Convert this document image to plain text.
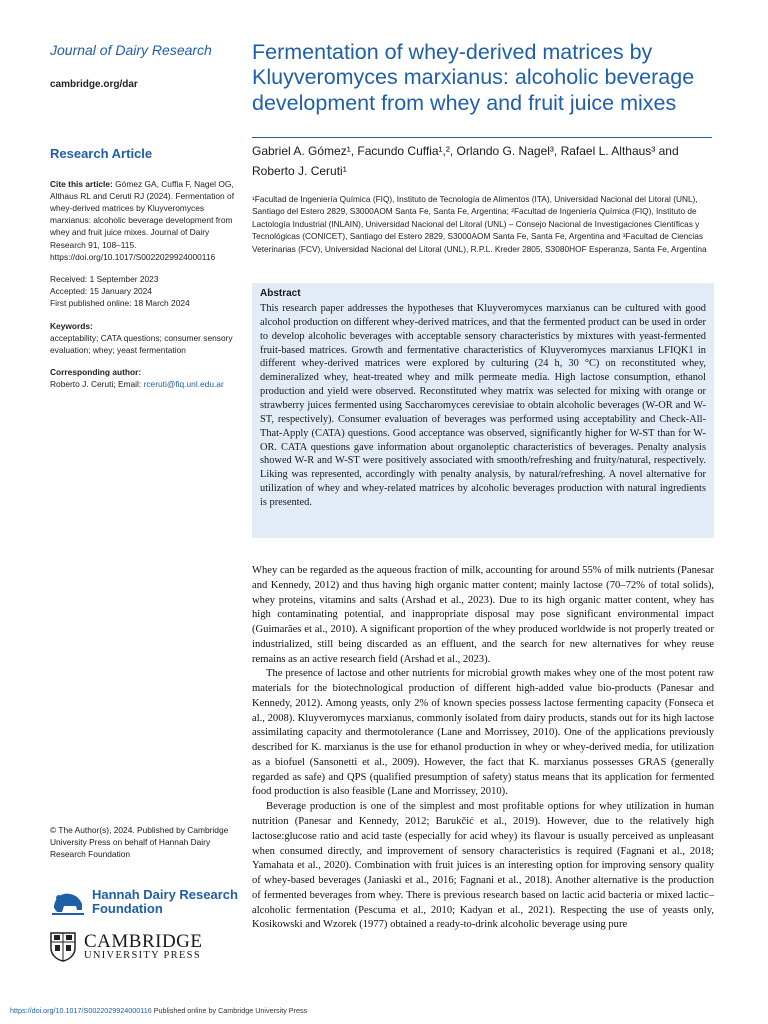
Journal of Dairy Research
cambridge.org/dar
Research Article
Cite this article: Gómez GA, Cuffia F, Nagel OG, Althaus RL and Ceruti RJ (2024). Fermentation of whey-derived matrices by Kluyveromyces marxianus: alcoholic beverage development from whey and fruit juice mixes. Journal of Dairy Research 91, 108–115. https://doi.org/10.1017/S0022029924000116
Received: 1 September 2023
Accepted: 15 January 2024
First published online: 18 March 2024
Keywords:
acceptability; CATA questions; consumer sensory evaluation; whey; yeast fermentation
Corresponding author:
Roberto J. Ceruti; Email: rceruti@fiq.unl.edu.ar
© The Author(s), 2024. Published by Cambridge University Press on behalf of Hannah Dairy Research Foundation
Hannah Dairy Research
Foundation
CAMBRIDGE
UNIVERSITY PRESS
Fermentation of whey-derived matrices by Kluyveromyces marxianus: alcoholic beverage development from whey and fruit juice mixes
Gabriel A. Gómez¹, Facundo Cuffia¹,², Orlando G. Nagel³, Rafael L. Althaus³ and Roberto J. Ceruti¹
¹Facultad de Ingeniería Química (FIQ), Instituto de Tecnología de Alimentos (ITA), Universidad Nacional del Litoral (UNL), Santiago del Estero 2829, S3000AOM Santa Fe, Santa Fe, Argentina; ²Facultad de Ingeniería Química (FIQ), Instituto de Lactología Industrial (INLAIN), Universidad Nacional del Litoral (UNL) – Consejo Nacional de Investigaciones Científicas y Tecnológicas (CONICET), Santiago del Estero 2829, S3000AOM Santa Fe, Santa Fe, Argentina and ³Facultad de Ciencias Veterinarias (FCV), Universidad Nacional del Litoral (UNL), R.P.L. Kreder 2805, S3080HOF Esperanza, Santa Fe, Argentina
Abstract
This research paper addresses the hypotheses that Kluyveromyces marxianus can be cultured with good alcohol production on different whey-derived matrices, and that the fermented product can be used in order to develop alcoholic beverages with acceptable sensory characteristics by mixtures with yeast-fermented fruit-based matrices. Growth and fermentative characteristics of Kluyveromyces marxianus LFIQK1 in different whey-derived matrices were explored by culturing (24 h, 30 °C) on reconstituted whey, demineralized whey, heat-treated whey and milk permeate media. High lactose consumption, ethanol production and yield were observed. Reconstituted whey matrix was selected for mixing with orange or strawberry juices fermented using Saccharomyces cerevisiae to obtain alcoholic beverages (W-OR and W-ST, respectively). Consumer evaluation of beverages was performed using acceptability and Check-All-That-Apply (CATA) questions. Good acceptance was observed, significantly higher for W-ST than for W-OR. CATA questions gave information about organoleptic characteristics of beverages. Penalty analysis showed W-R and W-ST were positively associated with smooth/refreshing and fruity/natural, respectively. Liking was represented, accordingly with penalty analysis, by natural/refreshing. A novel alternative for utilization of whey and whey-related matrices by alcoholic beverages production with natural ingredients is presented.

Whey can be regarded as the aqueous fraction of milk, accounting for around 55% of milk nutrients (Panesar and Kennedy, 2012) and thus having high organic matter content; mainly lactose (70–72% of total solids), whey proteins, vitamins and salts (Arshad et al., 2023). Due to its high organic matter content, whey has high contaminating potential, and inappropriate disposal may pose significant environmental impact (Guimarães et al., 2010). A significant proportion of the whey produced worldwide is not properly treated or industrialized, still being discarded as an effluent, and the search for new alternatives for whey reuse remains as an active research field (Arshad et al., 2023).

The presence of lactose and other nutrients for microbial growth makes whey one of the most potent raw materials for the biotechnological production of different high-added value bio-products (Panesar and Kennedy, 2012). Among yeasts, only 2% of known species possess lactose fermenting capacity (Fonseca et al., 2008). Kluyveromyces marxianus, commonly isolated from dairy products, stands out for its high lactose assimilating capacity and thermotolerance (Lane and Morrissey, 2010). One of the applications previously described for K. marxianus is the use for ethanol production in whey or whey-derived media, for utilization as a biofuel (Sansonetti et al., 2009). However, the fact that K. marxianus possesses GRAS (generally regarded as safe) and QPS (qualified presumption of safety) status means that its application for fermented food production is also feasible (Lane and Morrissey, 2010).

Beverage production is one of the simplest and most profitable options for whey utilization in human nutrition (Panesar and Kennedy, 2012; Barukčić et al., 2019). However, due to the relatively high lactose:glucose ratio and acid taste (especially for acid whey) its flavour is usually perceived as unpleasant when consumed directly, and improvement of sensory characteristics is required (Fagnani et al., 2018; Yamahata et al., 2020). Combination with fruit juices is an interesting option for improving sensory quality of whey-based beverages (Janiaski et al., 2016; Fagnani et al., 2018). Another alternative is the production of fermented beverages from whey. There is previous research based on lactic acid bacteria or mixed lactic–alcoholic fermentation (Pescuma et al., 2010; Kadyan et al., 2021). Respecting the use of yeasts only, Kosikowski and Wzorek (1977) obtained a ready-to-drink alcoholic beverage using pure

https://doi.org/10.1017/S0022029924000116 Published online by Cambridge University Press
